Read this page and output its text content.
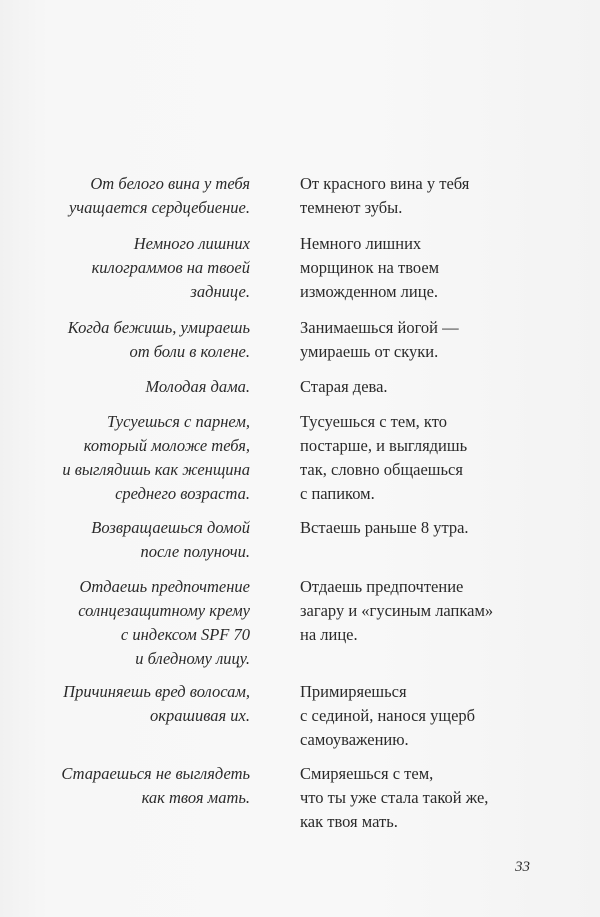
От белого вина у тебя
учащается сердцебиение.
От красного вина у тебя
темнеют зубы.
Немного лишних
килограммов на твоей
заднице.
Немного лишних
морщинок на твоем
изможденном лице.
Когда бежишь, умираешь
от боли в колене.
Занимаешься йогой —
умираешь от скуки.
Молодая дама.	Старая дева.
Тусуешься с парнем,
который моложе тебя,
и выглядишь как женщина
среднего возраста.
Тусуешься с тем, кто
постарше, и выглядишь
так, словно общаешься
с папиком.
Возвращаешься домой
после полуночи.
Встаешь раньше 8 утра.
Отдаешь предпочтение
солнцезащитному крему
с индексом SPF 70
и бледному лицу.
Отдаешь предпочтение
загару и «гусиным лапкам»
на лице.
Причиняешь вред волосам,
окрашивая их.
Примиряешься
с сединой, нанося ущерб
самоуважению.
Стараешься не выглядеть
как твоя мать.
Смиряешься с тем,
что ты уже стала такой же,
как твоя мать.
33
